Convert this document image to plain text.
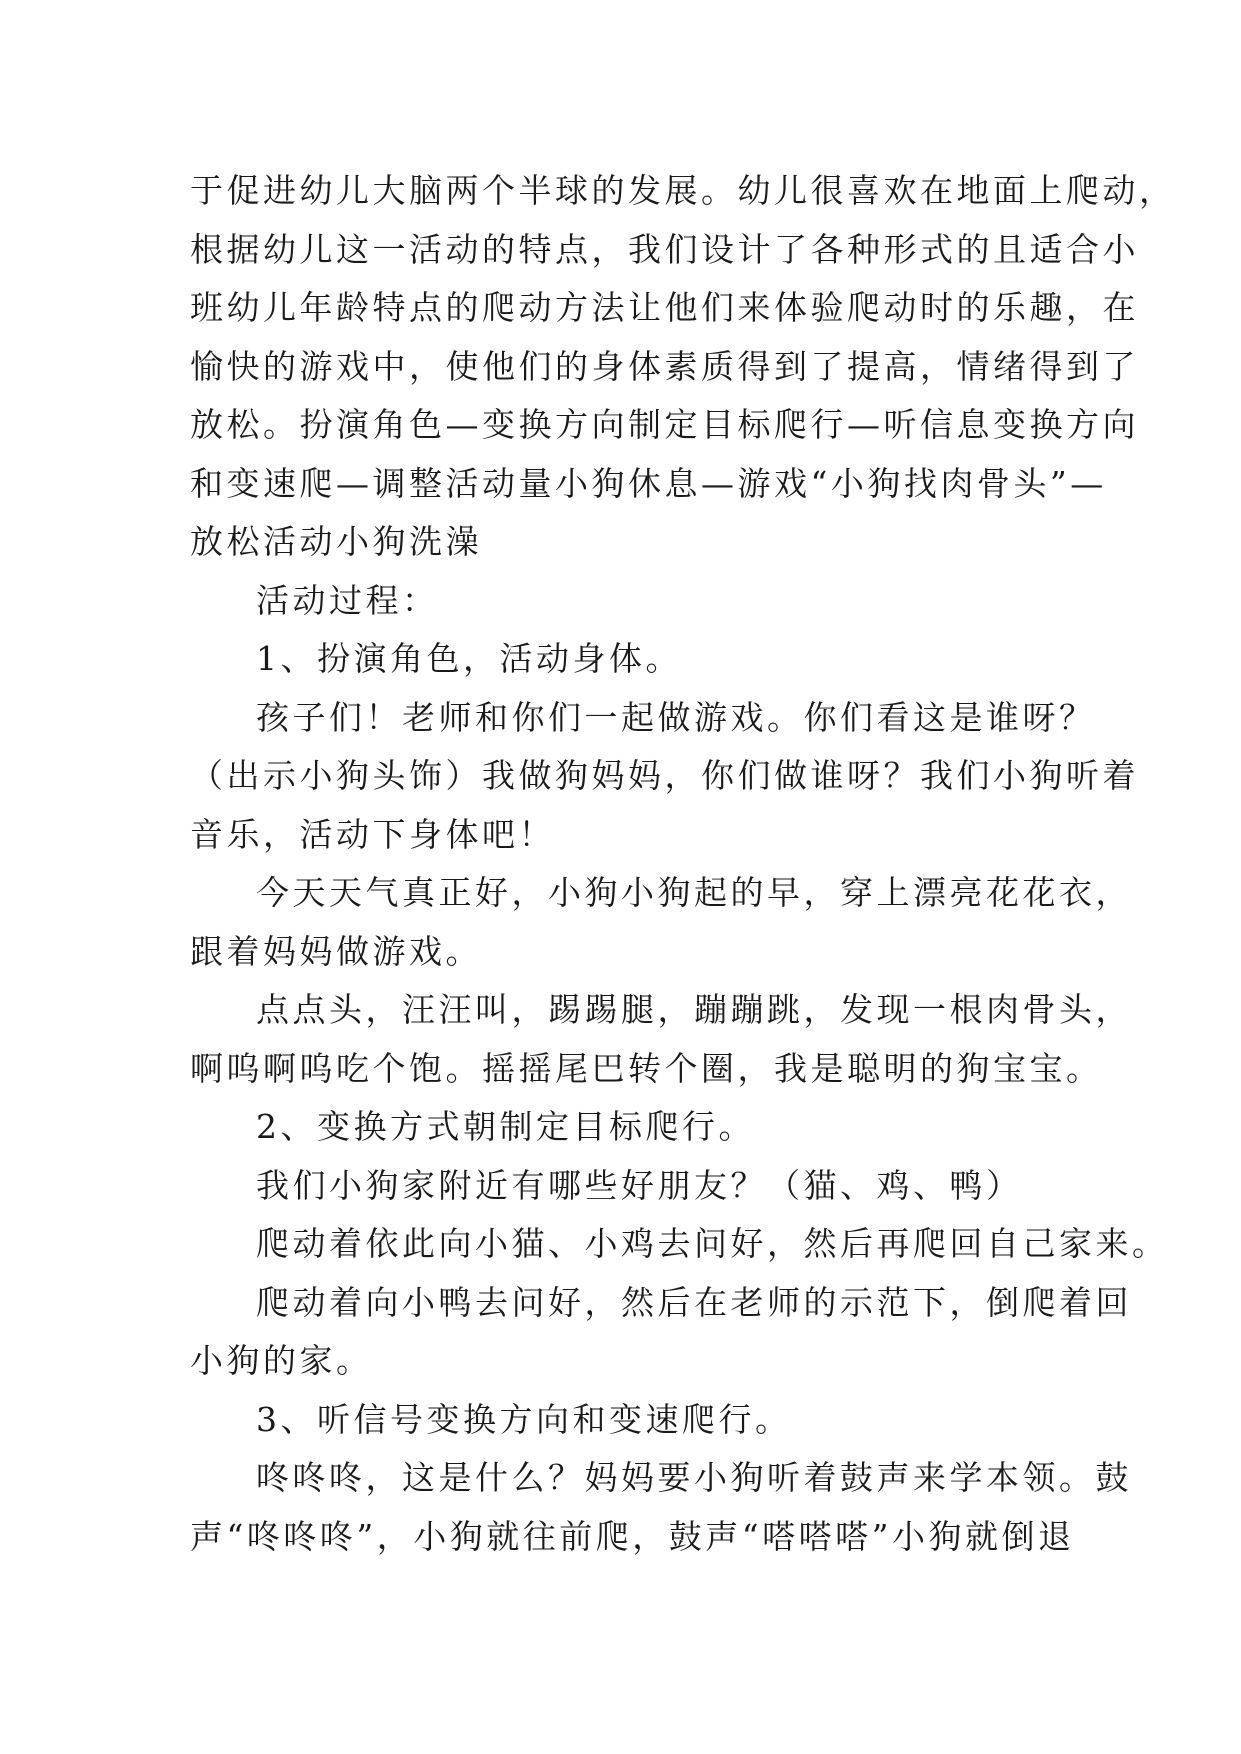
于促进幼儿大脑两个半球的发展。幼儿很喜欢在地面上爬动，
根据幼儿这一活动的特点，我们设计了各种形式的且适合小
班幼儿年龄特点的爬动方法让他们来体验爬动时的乐趣，在
愉快的游戏中，使他们的身体素质得到了提高，情绪得到了
放松。扮演角色—变换方向制定目标爬行—听信息变换方向
和变速爬—调整活动量小狗休息—游戏“小狗找肉骨头”—
放松活动小狗洗澡
活动过程：
1、扮演角色，活动身体。
孩子们！老师和你们一起做游戏。你们看这是谁呀？
（出示小狗头饰）我做狗妈妈，你们做谁呀？我们小狗听着
音乐，活动下身体吧！
今天天气真正好，小狗小狗起的早，穿上漂亮花花衣，
跟着妈妈做游戏。
点点头，汪汪叫，踢踢腿，蹦蹦跳，发现一根肉骨头，
啊呜啊呜吃个饱。摇摇尾巴转个圈，我是聪明的狗宝宝。
2、变换方式朝制定目标爬行。
我们小狗家附近有哪些好朋友？（猫、鸡、鸭）
爬动着依此向小猫、小鸡去问好，然后再爬回自己家来。
爬动着向小鸭去问好，然后在老师的示范下，倒爬着回
小狗的家。
3、听信号变换方向和变速爬行。
咚咚咚，这是什么？妈妈要小狗听着鼓声来学本领。鼓
声“咚咚咚”，小狗就往前爬，鼓声“嗒嗒嗒”小狗就倒退
